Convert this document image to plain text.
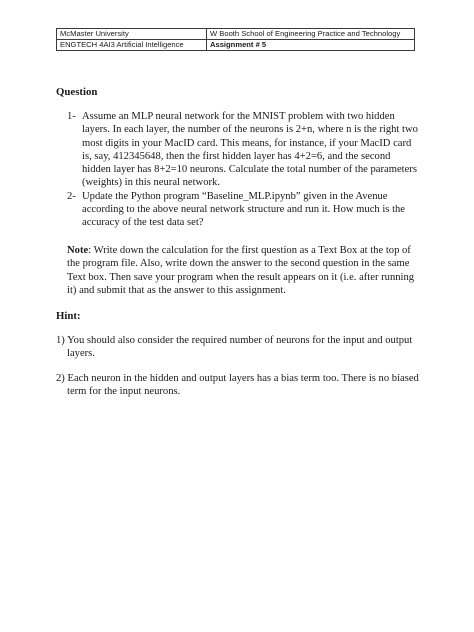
McMaster University	W Booth School of Engineering Practice and Technology
ENGTECH 4AI3 Artificial Intelligence	Assignment # 5
Question
1- Assume an MLP neural network for the MNIST problem with two hidden layers. In each layer, the number of the neurons is 2+n, where n is the right two most digits in your MacID card. This means, for instance, if your MacID card is, say, 412345648, then the first hidden layer has 4+2=6, and the second hidden layer has 8+2=10 neurons. Calculate the total number of the parameters (weights) in this neural network.
2- Update the Python program “Baseline_MLP.ipynb” given in the Avenue according to the above neural network structure and run it. How much is the accuracy of the test data set?
Note: Write down the calculation for the first question as a Text Box at the top of the program file. Also, write down the answer to the second question in the same Text box. Then save your program when the result appears on it (i.e. after running it) and submit that as the answer to this assignment.
Hint:
1) You should also consider the required number of neurons for the input and output layers.
2) Each neuron in the hidden and output layers has a bias term too. There is no biased term for the input neurons.
